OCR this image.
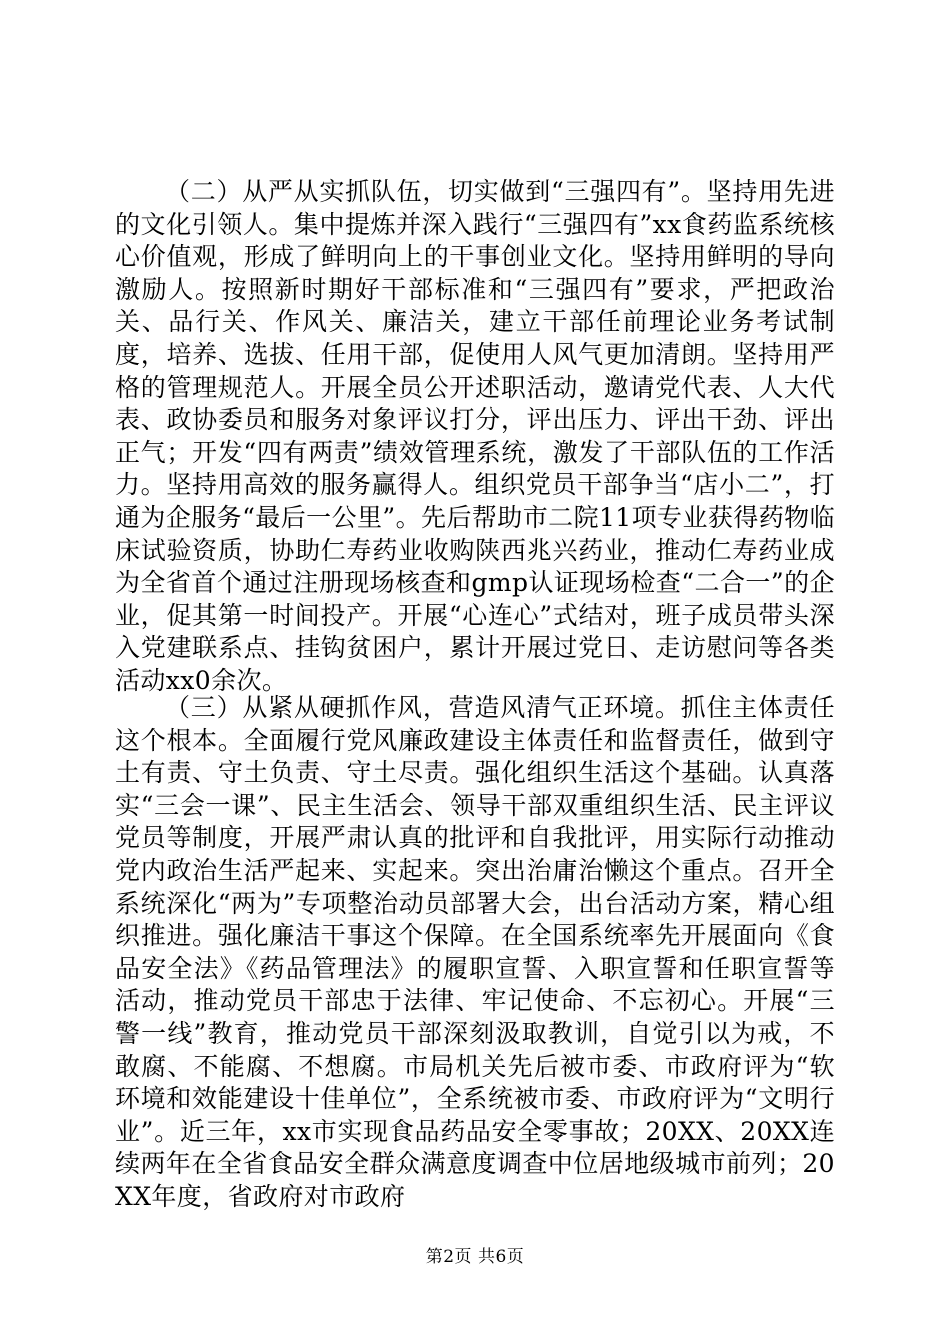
（二）从严从实抓队伍，切实做到“三强四有”。坚持用先进的文化引领人。集中提炼并深入践行“三强四有”xx食药监系统核心价值观，形成了鲜明向上的干事创业文化。坚持用鲜明的导向激励人。按照新时期好干部标准和“三强四有”要求，严把政治关、品行关、作风关、廉洁关，建立干部任前理论业务考试制度，培养、选拔、任用干部，促使用人风气更加清朗。坚持用严格的管理规范人。开展全员公开述职活动，邀请党代表、人大代表、政协委员和服务对象评议打分，评出压力、评出干劲、评出正气；开发“四有两责”绩效管理系统，激发了干部队伍的工作活力。坚持用高效的服务赢得人。组织党员干部争当“店小二”，打通为企服务“最后一公里”。先后帮助市二院11项专业获得药物临床试验资质，协助仁寿药业收购陕西兆兴药业，推动仁寿药业成为全省首个通过注册现场核查和gmp认证现场检查“二合一”的企业，促其第一时间投产。开展“心连心”式结对，班子成员带头深入党建联系点、挂钩贫困户，累计开展过党日、走访慰问等各类活动xx0余次。

（三）从紧从硬抓作风，营造风清气正环境。抓住主体责任这个根本。全面履行党风廉政建设主体责任和监督责任，做到守土有责、守土负责、守土尽责。强化组织生活这个基础。认真落实“三会一课”、民主生活会、领导干部双重组织生活、民主评议党员等制度，开展严肃认真的批评和自我批评，用实际行动推动党内政治生活严起来、实起来。突出治庸治懒这个重点。召开全系统深化“两为”专项整治动员部署大会，出台活动方案，精心组织推进。强化廉洁干事这个保障。在全国系统率先开展面向《食品安全法》《药品管理法》的履职宣誓、入职宣誓和任职宣誓等活动，推动党员干部忠于法律、牢记使命、不忘初心。开展“三警一线”教育，推动党员干部深刻汲取教训，自觉引以为戒，不敢腐、不能腐、不想腐。市局机关先后被市委、市政府评为“软环境和效能建设十佳单位”，全系统被市委、市政府评为“文明行业”。近三年，xx市实现食品药品安全零事故；20XX、20XX连续两年在全省食品安全群众满意度调查中位居地级城市前列；20XX年度，省政府对市政府

第2页 共6页
